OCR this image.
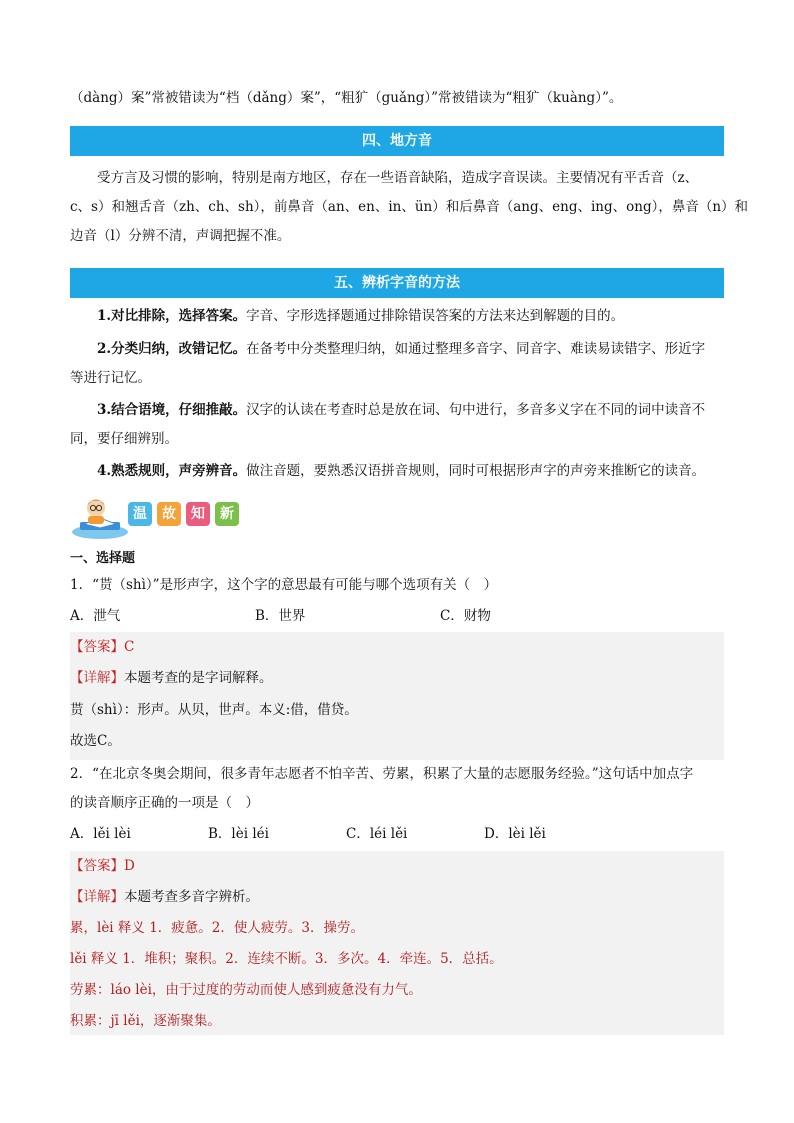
（dàng）案”常被错读为“档（dǎng）案”，“粗犷（guǎng）”常被错读为“粗犷（kuàng）”。
四、地方音
受方言及习惯的影响，特别是南方地区，存在一些语音缺陷，造成字音误读。主要情况有平舌音（z、
c、s）和翘舌音（zh、ch、sh），前鼻音（an、en、in、ün）和后鼻音（ang、eng、ing、ong），鼻音（n）和
边音（l）分辨不清，声调把握不准。
五、辨析字音的方法
1.对比排除，选择答案。字音、字形选择题通过排除错误答案的方法来达到解题的目的。
2.分类归纳，改错记忆。在备考中分类整理归纳，如通过整理多音字、同音字、难读易读错字、形近字
等进行记忆。
3.结合语境，仔细推敲。汉字的认读在考查时总是放在词、句中进行，多音多义字在不同的词中读音不
同，要仔细辨别。
4.熟悉规则，声旁辨音。做注音题，要熟悉汉语拼音规则，同时可根据形声字的声旁来推断它的读音。
温	故	知	新
一、选择题
1．“贳（shì）”是形声字，这个字的意思最有可能与哪个选项有关（　）
A．泄气	B．世界	C．财物
【答案】C
【详解】本题考查的是字词解释。
贳（shì）：形声。从贝，世声。本义:借，借贷。
故选C。
2．“在北京冬奥会期间，很多青年志愿者不怕辛苦、劳累，积累了大量的志愿服务经验。”这句话中加点字
的读音顺序正确的一项是（　）
A．lěi lèi	B．lèi léi	C．léi lěi	D．lèi lěi
【答案】D
【详解】本题考查多音字辨析。
累，lèi 释义 1．疲惫。2．使人疲劳。3．操劳。
lěi 释义 1．堆积；聚积。2．连续不断。3．多次。4．牵连。5．总括。
劳累：láo lèi，由于过度的劳动而使人感到疲惫没有力气。
积累：jī lěi，逐渐聚集。
